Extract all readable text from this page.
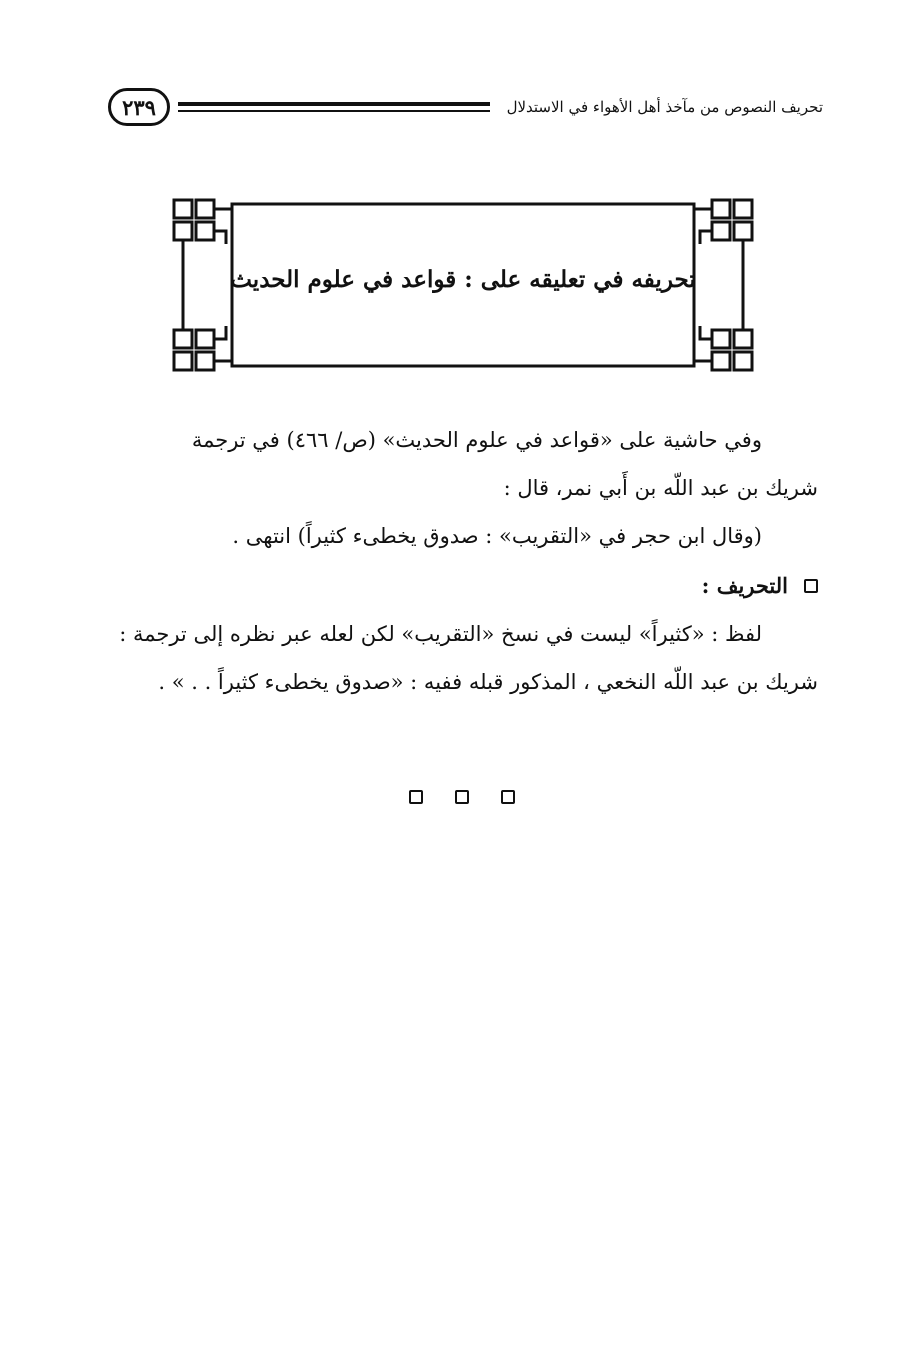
٢٣٩	تحريف النصوص من مآخذ أهل الأهواء في الاستدلال
تحريفه في تعليقه على : قواعد في علوم الحديث

وفي حاشية على «قواعد في علوم الحديث» (ص/ ٤٦٦) في ترجمة

شريك بن عبد اللّه بن أَبي نمر، قال :

(وقال ابن حجر في «التقريب» : صدوق يخطىء كثيراً) انتهى .

التحريف :

لفظ : «كثيراً» ليست في نسخ «التقريب» لكن لعله عبر نظره إلى ترجمة :

شريك بن عبد اللّه النخعي ، المذكور قبله ففيه : «صدوق يخطىء كثيراً . . » .
